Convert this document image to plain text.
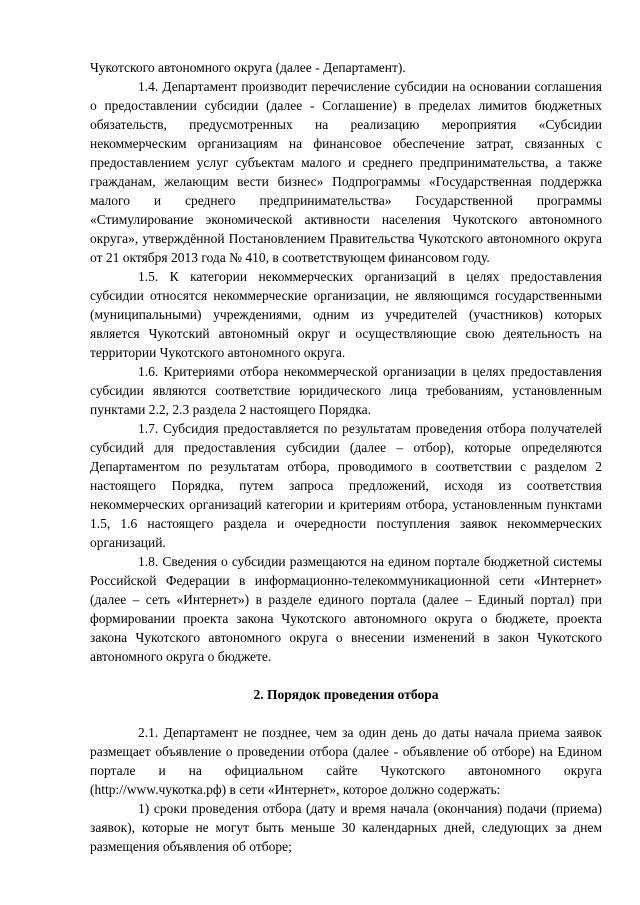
Чукотского автономного округа (далее - Департамент).

1.4. Департамент производит перечисление субсидии на основании соглашения о предоставлении субсидии (далее - Соглашение) в пределах лимитов бюджетных обязательств, предусмотренных на реализацию мероприятия «Субсидии некоммерческим организациям на финансовое обеспечение затрат, связанных с предоставлением услуг субъектам малого и среднего предпринимательства, а также гражданам, желающим вести бизнес» Подпрограммы «Государственная поддержка малого и среднего предпринимательства» Государственной программы «Стимулирование экономической активности населения Чукотского автономного округа», утверждённой Постановлением Правительства Чукотского автономного округа от 21 октября 2013 года № 410, в соответствующем финансовом году.

1.5. К категории некоммерческих организаций в целях предоставления субсидии относятся некоммерческие организации, не являющимся государственными (муниципальными) учреждениями, одним из учредителей (участников) которых является Чукотский автономный округ и осуществляющие свою деятельность на территории Чукотского автономного округа.

1.6. Критериями отбора некоммерческой организации в целях предоставления субсидии являются соответствие юридического лица требованиям, установленным пунктами 2.2, 2.3 раздела 2 настоящего Порядка.

1.7. Субсидия предоставляется по результатам проведения отбора получателей субсидий для предоставления субсидии (далее – отбор), которые определяются Департаментом по результатам отбора, проводимого в соответствии с разделом 2 настоящего Порядка, путем запроса предложений, исходя из соответствия некоммерческих организаций категории и критериям отбора, установленным пунктами 1.5, 1.6 настоящего раздела и очередности поступления заявок некоммерческих организаций.

1.8. Сведения о субсидии размещаются на едином портале бюджетной системы Российской Федерации в информационно-телекоммуникационной сети «Интернет» (далее – сеть «Интернет») в разделе единого портала (далее – Единый портал) при формировании проекта закона Чукотского автономного округа о бюджете, проекта закона Чукотского автономного округа о внесении изменений в закон Чукотского автономного округа о бюджете.

2. Порядок проведения отбора

2.1. Департамент не позднее, чем за один день до даты начала приема заявок размещает объявление о проведении отбора (далее - объявление об отборе) на Едином портале и на официальном сайте Чукотского автономного округа (http://www.чукотка.рф) в сети «Интернет», которое должно содержать:

1) сроки проведения отбора (дату и время начала (окончания) подачи (приема) заявок), которые не могут быть меньше 30 календарных дней, следующих за днем размещения объявления об отборе;
